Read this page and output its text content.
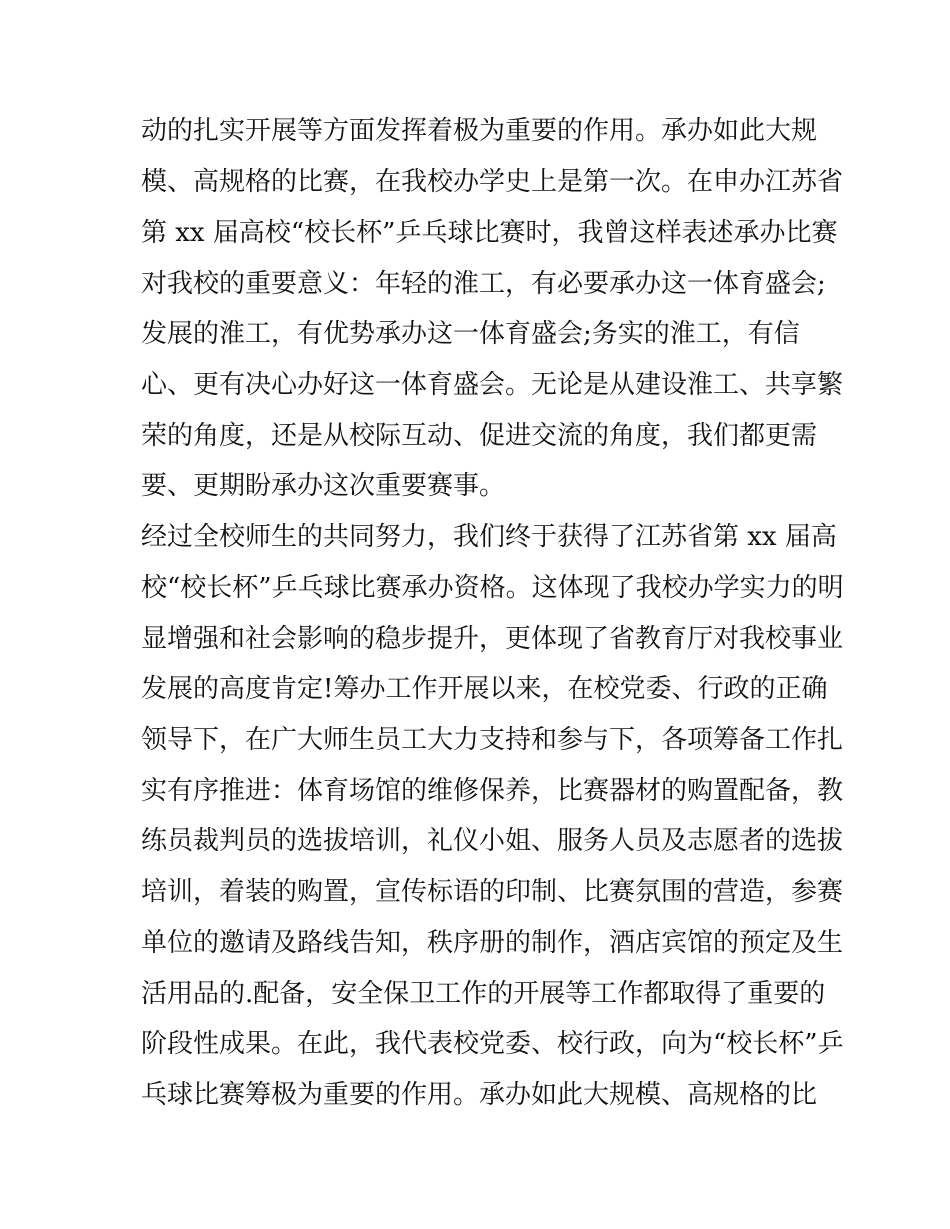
动的扎实开展等方面发挥着极为重要的作用。承办如此大规
模、高规格的比赛，在我校办学史上是第一次。在申办江苏省
第 xx 届高校“校长杯”乒乓球比赛时，我曾这样表述承办比赛
对我校的重要意义：年轻的淮工，有必要承办这一体育盛会;
发展的淮工，有优势承办这一体育盛会;务实的淮工，有信
心、更有决心办好这一体育盛会。无论是从建设淮工、共享繁
荣的角度，还是从校际互动、促进交流的角度，我们都更需
要、更期盼承办这次重要赛事。
经过全校师生的共同努力，我们终于获得了江苏省第 xx 届高
校“校长杯”乒乓球比赛承办资格。这体现了我校办学实力的明
显增强和社会影响的稳步提升，更体现了省教育厅对我校事业
发展的高度肯定!筹办工作开展以来，在校党委、行政的正确
领导下，在广大师生员工大力支持和参与下，各项筹备工作扎
实有序推进：体育场馆的维修保养，比赛器材的购置配备，教
练员裁判员的选拔培训，礼仪小姐、服务人员及志愿者的选拔
培训，着装的购置，宣传标语的印制、比赛氛围的营造，参赛
单位的邀请及路线告知，秩序册的制作，酒店宾馆的预定及生
活用品的.配备，安全保卫工作的开展等工作都取得了重要的
阶段性成果。在此，我代表校党委、校行政，向为“校长杯”乒
乓球比赛筹极为重要的作用。承办如此大规模、高规格的比
